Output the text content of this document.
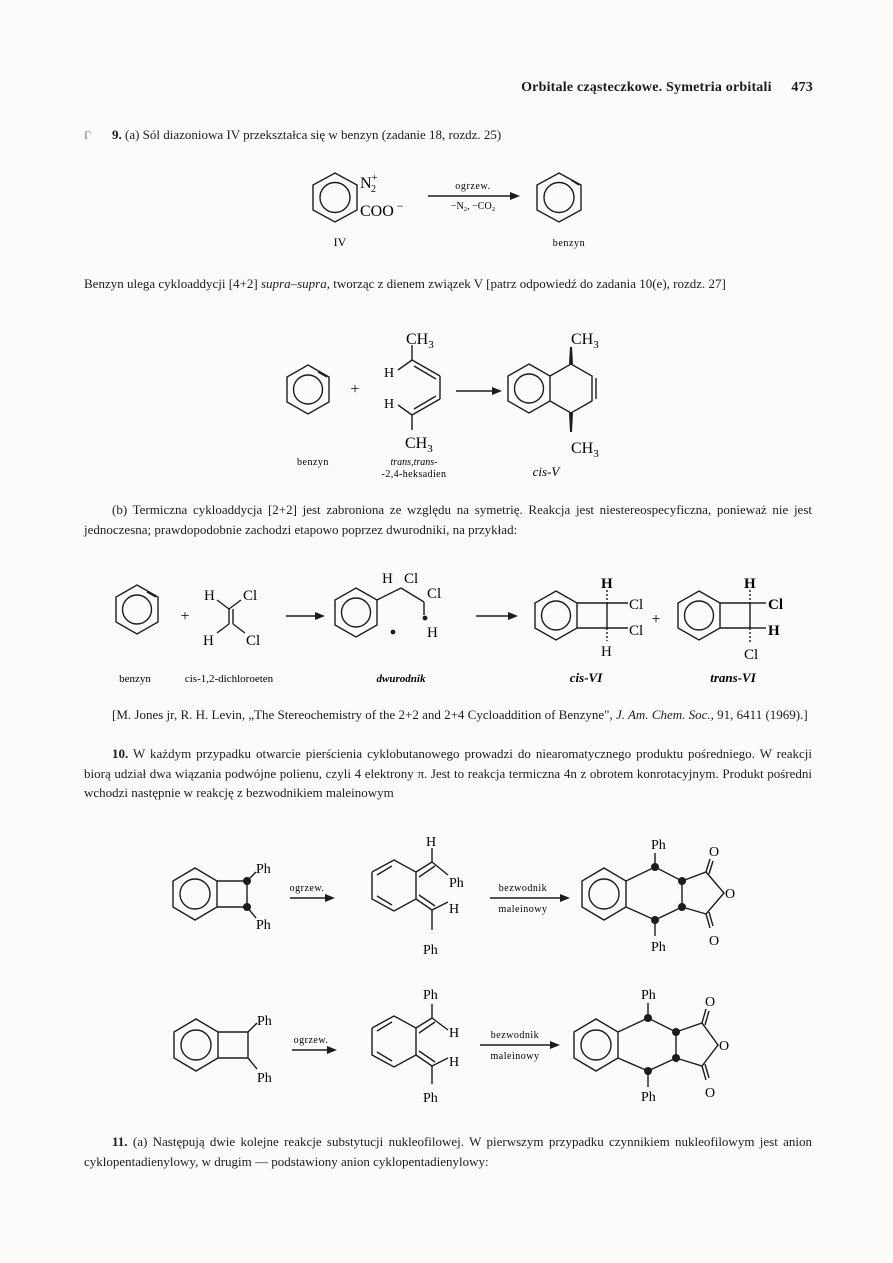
Orbitale cząsteczkowe. Symetria orbitali 473
Γ 9. (a) Sól diazoniowa IV przekształca się w benzyn (zadanie 18, rozdz. 25)

N+
2
COO −
ogrzew.
−N₂, −CO₂
IV	benzyn

Benzyn ulega cykloaddycji [4+2] supra–supra, tworząc z dienem związek V [patrz odpowiedź do zadania 10(e), rozdz. 27]

+
$CH_3$
$CH_3$
H
H
$CH_3$
$CH_3$
benzyn	trans,trans-
-2,4-heksadien	cis-V

(b) Termiczna cykloaddycja [2+2] jest zabroniona ze względu na symetrię. Reakcja jest niestereospecyficzna, ponieważ nie jest jednoczesna; prawdopodobnie zachodzi etapowo poprzez dwurodniki, na przykład:

+
H Cl
H Cl
H Cl
Cl
H
H
Cl
Cl
H
+
H
Cl
H
Cl
benzyn	cis-1,2-dichloroeten	dwurodnik	cis-VI	trans-VI

[M. Jones jr, R. H. Levin, „The Stereochemistry of the 2+2 and 2+4 Cycloaddition of Benzyne", J. Am. Chem. Soc., 91, 6411 (1969).]

10. W każdym przypadku otwarcie pierścienia cyklobutanowego prowadzi do niearomatycznego produktu pośredniego. W reakcji biorą udział dwa wiązania podwójne polienu, czyli 4 elektrony π. Jest to reakcja termiczna 4n z obrotem konrotacyjnym. Produkt pośredni wchodzi następnie w reakcję z bezwodnikiem maleinowym

Ph
Ph
ogrzew.
H
Ph
H
Ph
bezwodnik
maleinowy
Ph
Ph
O
O
O
Ph
Ph
ogrzew.
Ph
H
H
Ph
bezwodnik
maleinowy
Ph
Ph
O
O
O

11. (a) Następują dwie kolejne reakcje substytucji nukleofilowej. W pierwszym przypadku czynnikiem nukleofilowym jest anion cyklopentadienylowy, w drugim — podstawiony anion cyklopentadienylowy:
